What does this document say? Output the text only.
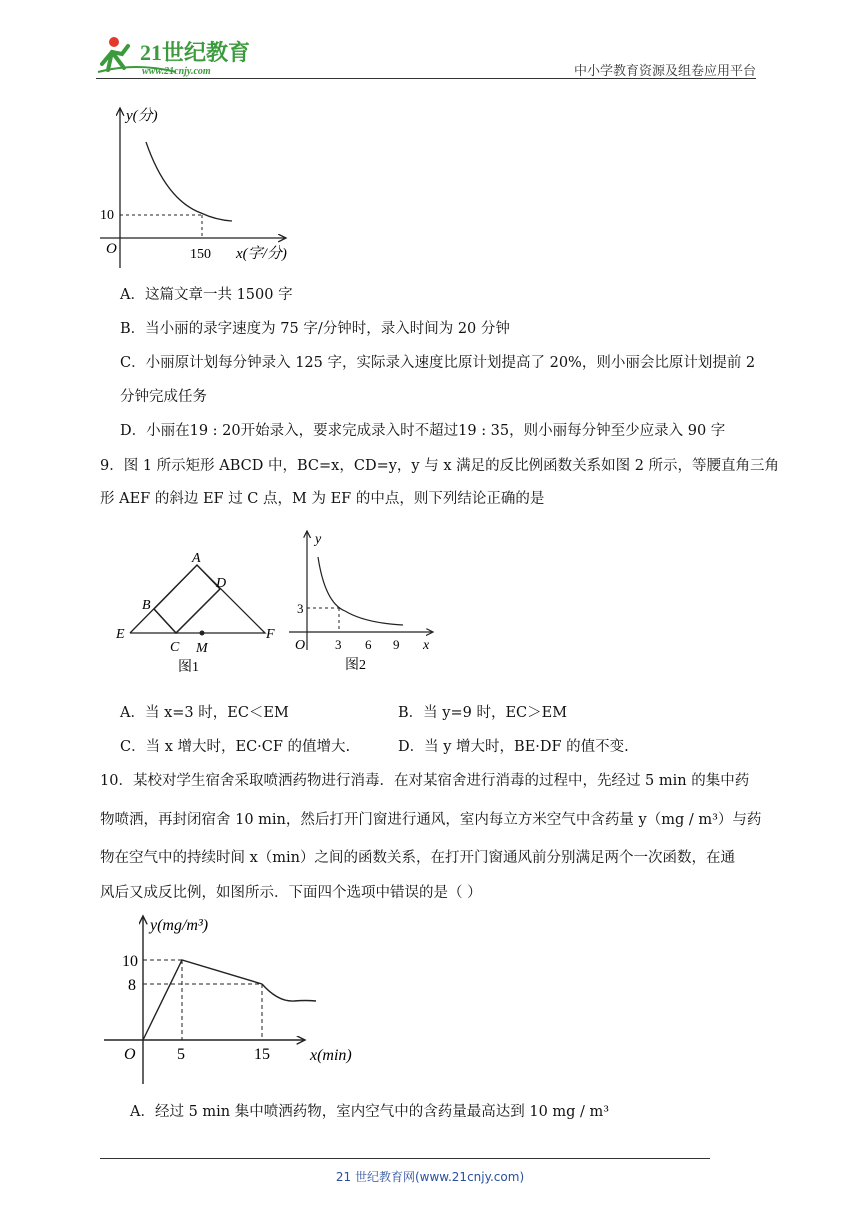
21世纪教育
www.21cnjy.com	中小学教育资源及组卷应用平台
y(分)
x(字/分)
O
10
150
A．这篇文章一共 1500 字
B．当小丽的录字速度为 75 字/分钟时，录入时间为 20 分钟
C．小丽原计划每分钟录入 125 字，实际录入速度比原计划提高了 20%，则小丽会比原计划提前 2
分钟完成任务
D．小丽在19 : 20开始录入，要求完成录入时不超过19 : 35，则小丽每分钟至少应录入 90 字
9．图 1 所示矩形 ABCD 中，BC=x，CD=y，y 与 x 满足的反比例函数关系如图 2 所示，等腰直角三角
形 AEF 的斜边 EF 过 C 点，M 为 EF 的中点，则下列结论正确的是
A
B
C
D
E	F
M
图1
y
x
O
3
3 6 9
图2
A．当 x=3 时，EC＜EM	B．当 y=9 时，EC＞EM
C．当 x 增大时，EC·CF 的值增大.	D．当 y 增大时，BE·DF 的值不变.
10．某校对学生宿舍采取喷洒药物进行消毒．在对某宿舍进行消毒的过程中，先经过 5 min 的集中药
物喷洒，再封闭宿舍 10 min，然后打开门窗进行通风，室内每立方米空气中含药量 y（mg / m³）与药
物在空气中的持续时间 x（min）之间的函数关系，在打开门窗通风前分别满足两个一次函数，在通
风后又成反比例，如图所示．下面四个选项中错误的是（ ）
y(mg/m³)
x(min)
O
10
8
5	15
A．经过 5 min 集中喷洒药物，室内空气中的含药量最高达到 10 mg / m³
21 世纪教育网(www.21cnjy.com)
